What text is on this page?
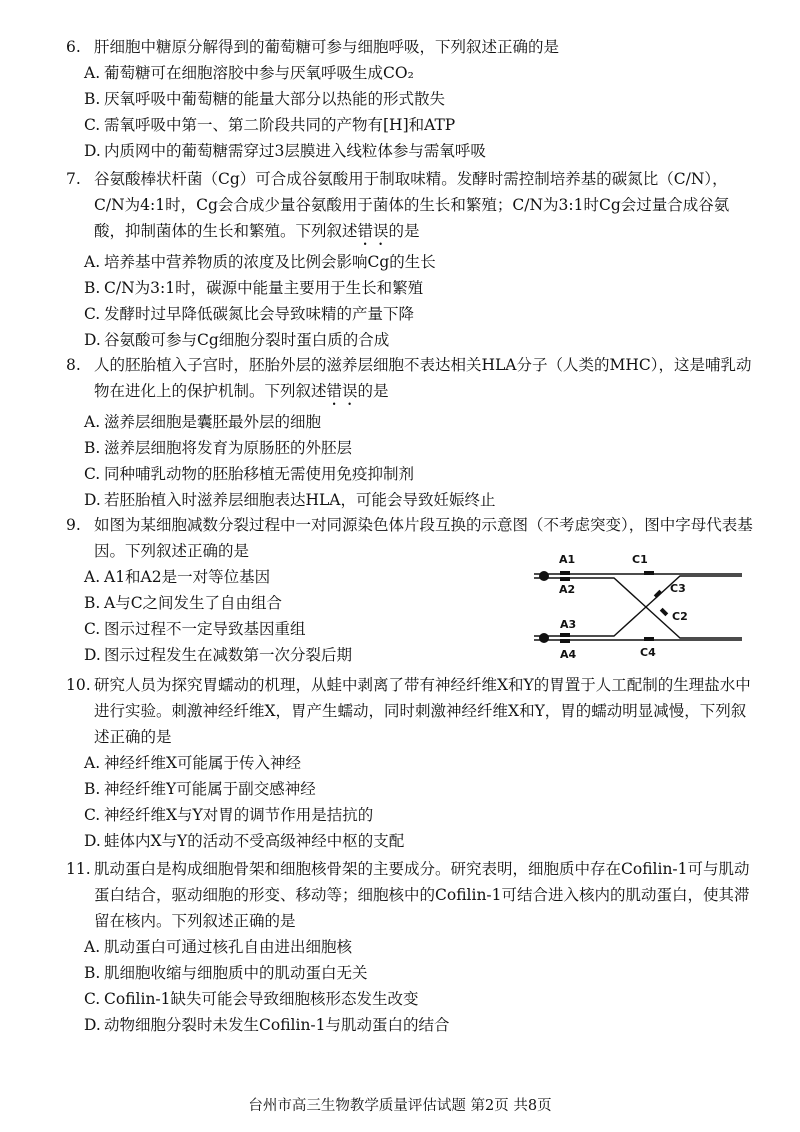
6. 肝细胞中糖原分解得到的葡萄糖可参与细胞呼吸，下列叙述正确的是

A. 葡萄糖可在细胞溶胶中参与厌氧呼吸生成CO₂

B. 厌氧呼吸中葡萄糖的能量大部分以热能的形式散失

C. 需氧呼吸中第一、第二阶段共同的产物有[H]和ATP

D. 内质网中的葡萄糖需穿过3层膜进入线粒体参与需氧呼吸

7. 谷氨酸棒状杆菌（Cg）可合成谷氨酸用于制取味精。发酵时需控制培养基的碳氮比（C/N），C/N为4:1时，Cg会合成少量谷氨酸用于菌体的生长和繁殖；C/N为3:1时Cg会过量合成谷氨酸，抑制菌体的生长和繁殖。下列叙述错误的是

A. 培养基中营养物质的浓度及比例会影响Cg的生长

B. C/N为3:1时，碳源中能量主要用于生长和繁殖

C. 发酵时过早降低碳氮比会导致味精的产量下降

D. 谷氨酸可参与Cg细胞分裂时蛋白质的合成

8. 人的胚胎植入子宫时，胚胎外层的滋养层细胞不表达相关HLA分子（人类的MHC），这是哺乳动物在进化上的保护机制。下列叙述错误的是

A. 滋养层细胞是囊胚最外层的细胞

B. 滋养层细胞将发育为原肠胚的外胚层

C. 同种哺乳动物的胚胎移植无需使用免疫抑制剂

D. 若胚胎植入时滋养层细胞表达HLA，可能会导致妊娠终止

9. 如图为某细胞减数分裂过程中一对同源染色体片段互换的示意图（不考虑突变），图中字母代表基因。下列叙述正确的是

A. A1和A2是一对等位基因

B. A与C之间发生了自由组合

C. 图示过程不一定导致基因重组

D. 图示过程发生在减数第一次分裂后期

A1
A2
A3
A4
C1
C2
C3
C4

10. 研究人员为探究胃蠕动的机理，从蛙中剥离了带有神经纤维X和Y的胃置于人工配制的生理盐水中进行实验。刺激神经纤维X，胃产生蠕动，同时刺激神经纤维X和Y，胃的蠕动明显减慢，下列叙述正确的是

A. 神经纤维X可能属于传入神经

B. 神经纤维Y可能属于副交感神经

C. 神经纤维X与Y对胃的调节作用是拮抗的

D. 蛙体内X与Y的活动不受高级神经中枢的支配

11. 肌动蛋白是构成细胞骨架和细胞核骨架的主要成分。研究表明，细胞质中存在Cofilin-1可与肌动蛋白结合，驱动细胞的形变、移动等；细胞核中的Cofilin-1可结合进入核内的肌动蛋白，使其滞留在核内。下列叙述正确的是

A. 肌动蛋白可通过核孔自由进出细胞核

B. 肌细胞收缩与细胞质中的肌动蛋白无关

C. Cofilin-1缺失可能会导致细胞核形态发生改变

D. 动物细胞分裂时未发生Cofilin-1与肌动蛋白的结合

台州市高三生物教学质量评估试题 第2页 共8页
